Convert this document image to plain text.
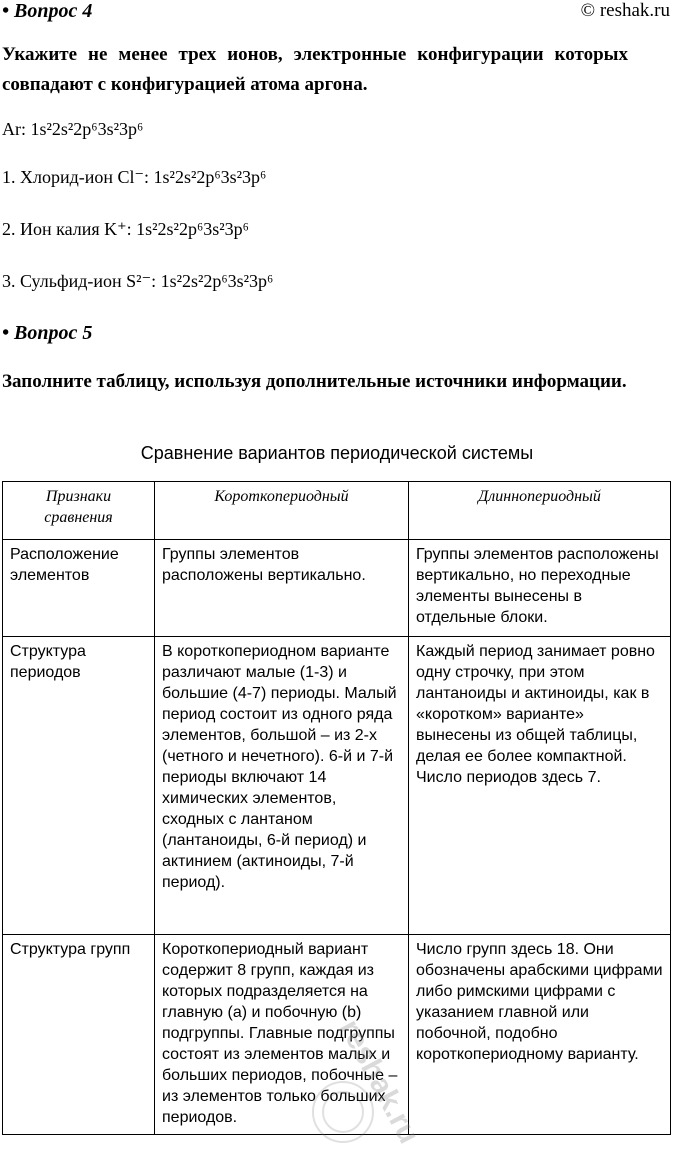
• Вопрос 4	© reshak.ru
Укажите не менее трех ионов, электронные конфигурации которых совпадают с конфигурацией атома аргона.
Ar: 1s²2s²2p⁶3s²3p⁶
1. Хлорид-ион Cl⁻: 1s²2s²2p⁶3s²3p⁶
2. Ион калия K⁺: 1s²2s²2p⁶3s²3p⁶
3. Сульфид-ион S²⁻: 1s²2s²2p⁶3s²3p⁶
• Вопрос 5
Заполните таблицу, используя дополнительные источники информации.
Сравнение вариантов периодической системы
Признаки сравнения	Короткопериодный	Длиннопериодный
Расположение элементов	Группы элементов расположены вертикально.	Группы элементов расположены вертикально, но переходные элементы вынесены в отдельные блоки.
Структура периодов	В короткопериодном варианте различают малые (1-3) и большие (4-7) периоды. Малый период состоит из одного ряда элементов, большой – из 2-х (четного и нечетного). 6-й и 7-й периоды включают 14 химических элементов, сходных с лантаном (лантаноиды, 6-й период) и актинием (актиноиды, 7-й период).	Каждый период занимает ровно одну строчку, при этом лантаноиды и актиноиды, как в «коротком» варианте» вынесены из общей таблицы, делая ее более компактной. Число периодов здесь 7.
Структура групп	Короткопериодный вариант содержит 8 групп, каждая из которых подразделяется на главную (а) и побочную (b) подгруппы. Главные подгруппы состоят из элементов малых и больших периодов, побочные – из элементов только больших периодов.	Число групп здесь 18. Они обозначены арабскими цифрами либо римскими цифрами с указанием главной или побочной, подобно короткопериодному варианту.
reshak.ru
